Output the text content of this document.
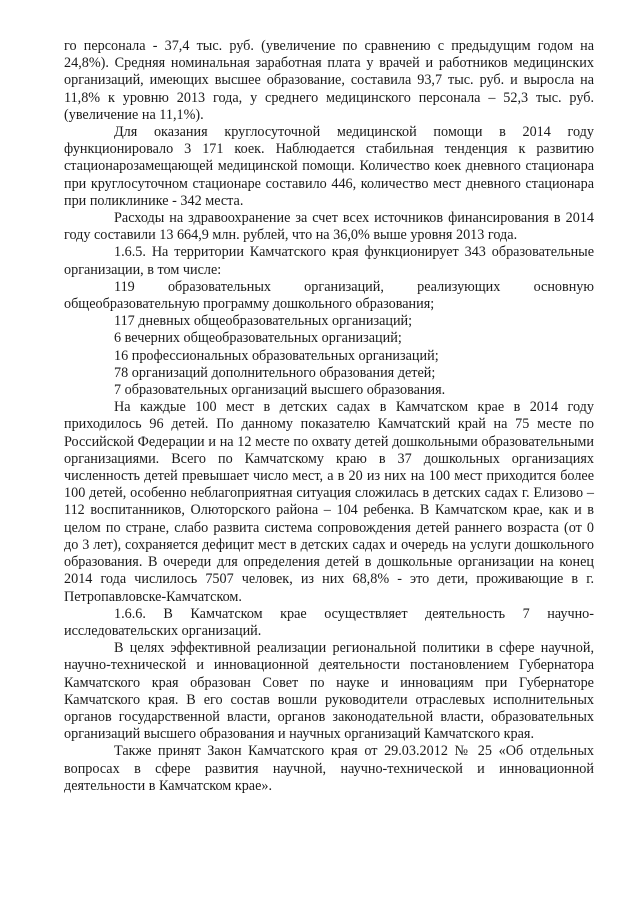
го персонала - 37,4 тыс. руб. (увеличение по сравнению с предыдущим годом на 24,8%). Средняя номинальная заработная плата у врачей и работников медицинских организаций, имеющих высшее образование, составила 93,7 тыс. руб. и выросла на 11,8% к уровню 2013 года, у среднего медицинского персонала – 52,3 тыс. руб. (увеличение на 11,1%).

Для оказания круглосуточной медицинской помощи в 2014 году функционировало 3 171 коек. Наблюдается стабильная тенденция к развитию стационарозамещающей медицинской помощи. Количество коек дневного стационара при круглосуточном стационаре составило 446, количество мест дневного стационара при поликлинике - 342 места.

Расходы на здравоохранение за счет всех источников финансирования в 2014 году составили 13 664,9 млн. рублей, что на 36,0% выше уровня 2013 года.

1.6.5. На территории Камчатского края функционирует 343 образовательные организации, в том числе:

119 образовательных организаций, реализующих основную общеобразовательную программу дошкольного образования;

117 дневных общеобразовательных организаций;

6 вечерних общеобразовательных организаций;

16 профессиональных образовательных организаций;

78 организаций дополнительного образования детей;

7 образовательных организаций высшего образования.

На каждые 100 мест в детских садах в Камчатском крае в 2014 году приходилось 96 детей. По данному показателю Камчатский край на 75 месте по Российской Федерации и на 12 месте по охвату детей дошкольными образовательными организациями. Всего по Камчатскому краю в 37 дошкольных организациях численность детей превышает число мест, а в 20 из них на 100 мест приходится более 100 детей, особенно неблагоприятная ситуация сложилась в детских садах г. Елизово – 112 воспитанников, Олюторского района – 104 ребенка. В Камчатском крае, как и в целом по стране, слабо развита система сопровождения детей раннего возраста (от 0 до 3 лет), сохраняется дефицит мест в детских садах и очередь на услуги дошкольного образования. В очереди для определения детей в дошкольные организации на конец 2014 года числилось 7507 человек, из них 68,8% - это дети, проживающие в г. Петропавловске-Камчатском.

1.6.6. В Камчатском крае осуществляет деятельность 7 научно-исследовательских организаций.

В целях эффективной реализации региональной политики в сфере научной, научно-технической и инновационной деятельности постановлением Губернатора Камчатского края образован Совет по науке и инновациям при Губернаторе Камчатского края. В его состав вошли руководители отраслевых исполнительных органов государственной власти, органов законодательной власти, образовательных организаций высшего образования и научных организаций Камчатского края.

Также принят Закон Камчатского края от 29.03.2012 № 25 «Об отдельных вопросах в сфере развития научной, научно-технической и инновационной деятельности в Камчатском крае».
